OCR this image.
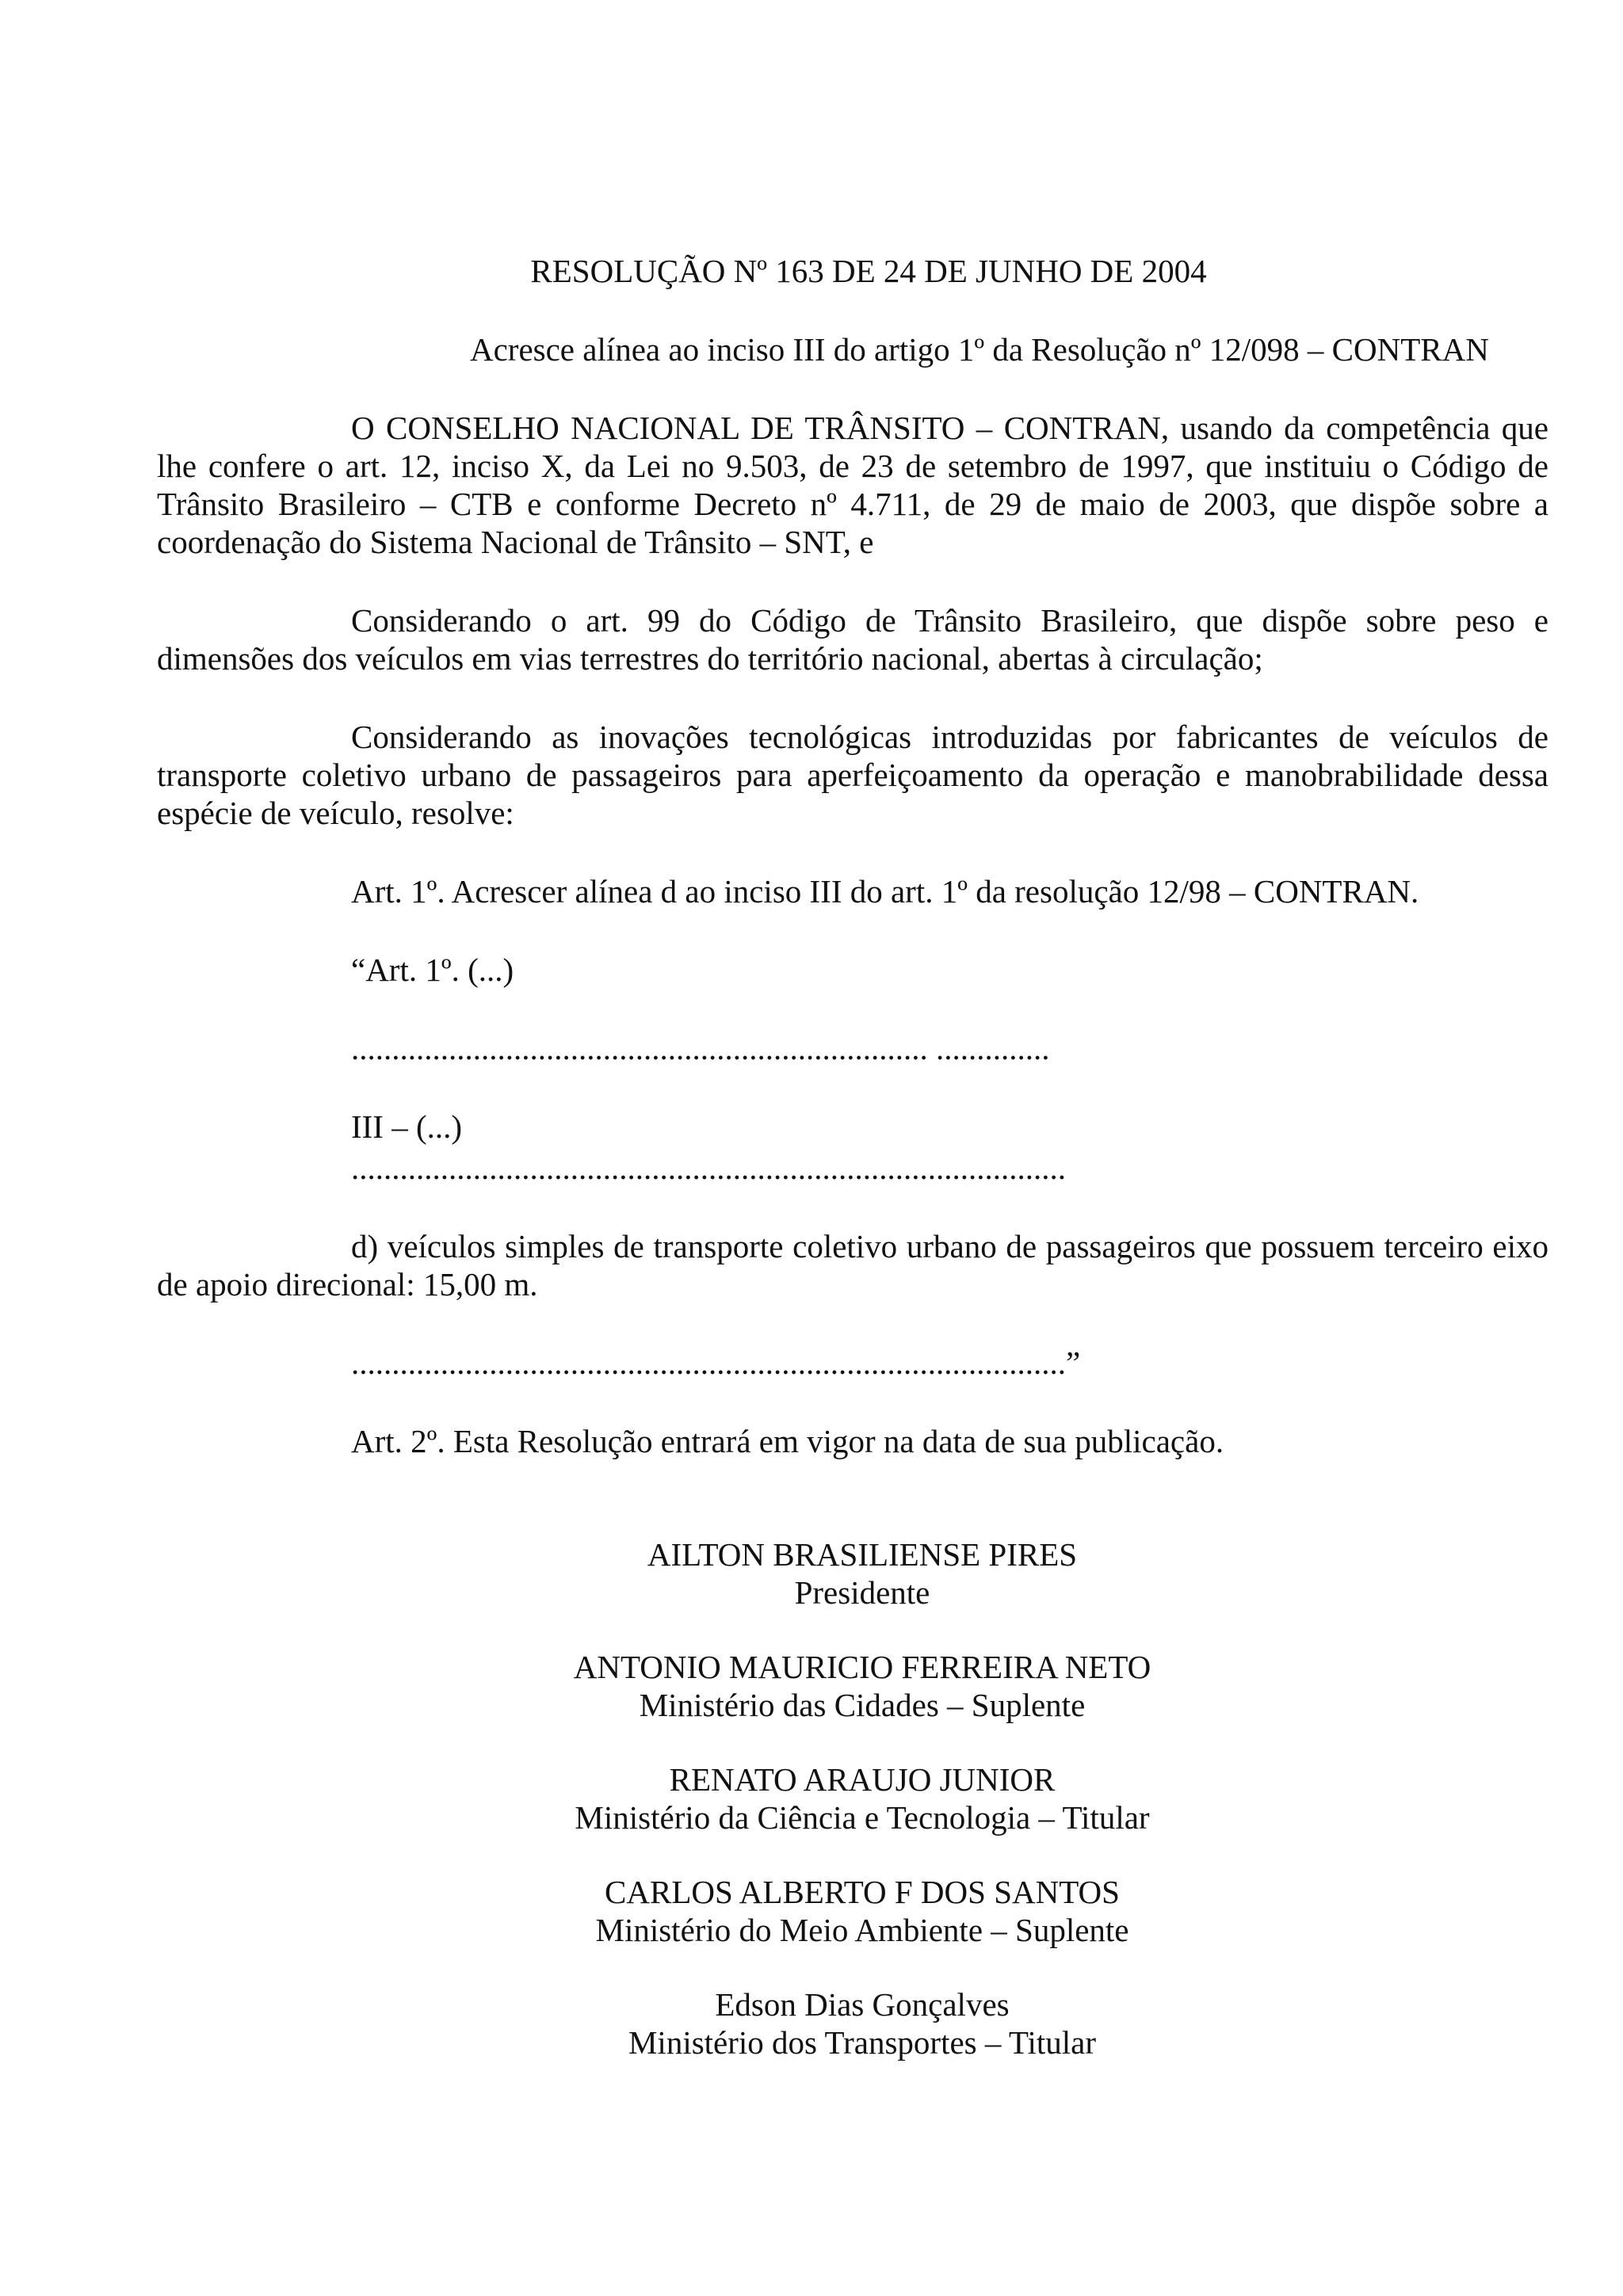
RESOLUÇÃO Nº 163 DE 24 DE JUNHO DE 2004

Acresce alínea ao inciso III do artigo 1º da Resolução nº 12/098 – CONTRAN

O CONSELHO NACIONAL DE TRÂNSITO – CONTRAN, usando da competência que lhe confere o art. 12, inciso X, da Lei no 9.503, de 23 de setembro de 1997, que instituiu o Código de Trânsito Brasileiro – CTB e conforme Decreto nº 4.711, de 29 de maio de 2003, que dispõe sobre a coordenação do Sistema Nacional de Trânsito – SNT, e

Considerando o art. 99 do Código de Trânsito Brasileiro, que dispõe sobre peso e dimensões dos veículos em vias terrestres do território nacional, abertas à circulação;

Considerando as inovações tecnológicas introduzidas por fabricantes de veículos de transporte coletivo urbano de passageiros para aperfeiçoamento da operação e manobrabilidade dessa espécie de veículo, resolve:

Art. 1º. Acrescer alínea d ao inciso III do art. 1º da resolução 12/98 – CONTRAN.

“Art. 1º. (...)

....................................................................... ..............

III – (...)

........................................................................................

d) veículos simples de transporte coletivo urbano de passageiros que possuem terceiro eixo de apoio direcional: 15,00 m.

........................................................................................”

Art. 2º. Esta Resolução entrará em vigor na data de sua publicação.

AILTON BRASILIENSE PIRES
Presidente
ANTONIO MAURICIO FERREIRA NETO
Ministério das Cidades – Suplente
RENATO ARAUJO JUNIOR
Ministério da Ciência e Tecnologia – Titular
CARLOS ALBERTO F DOS SANTOS
Ministério do Meio Ambiente – Suplente
Edson Dias Gonçalves
Ministério dos Transportes – Titular
